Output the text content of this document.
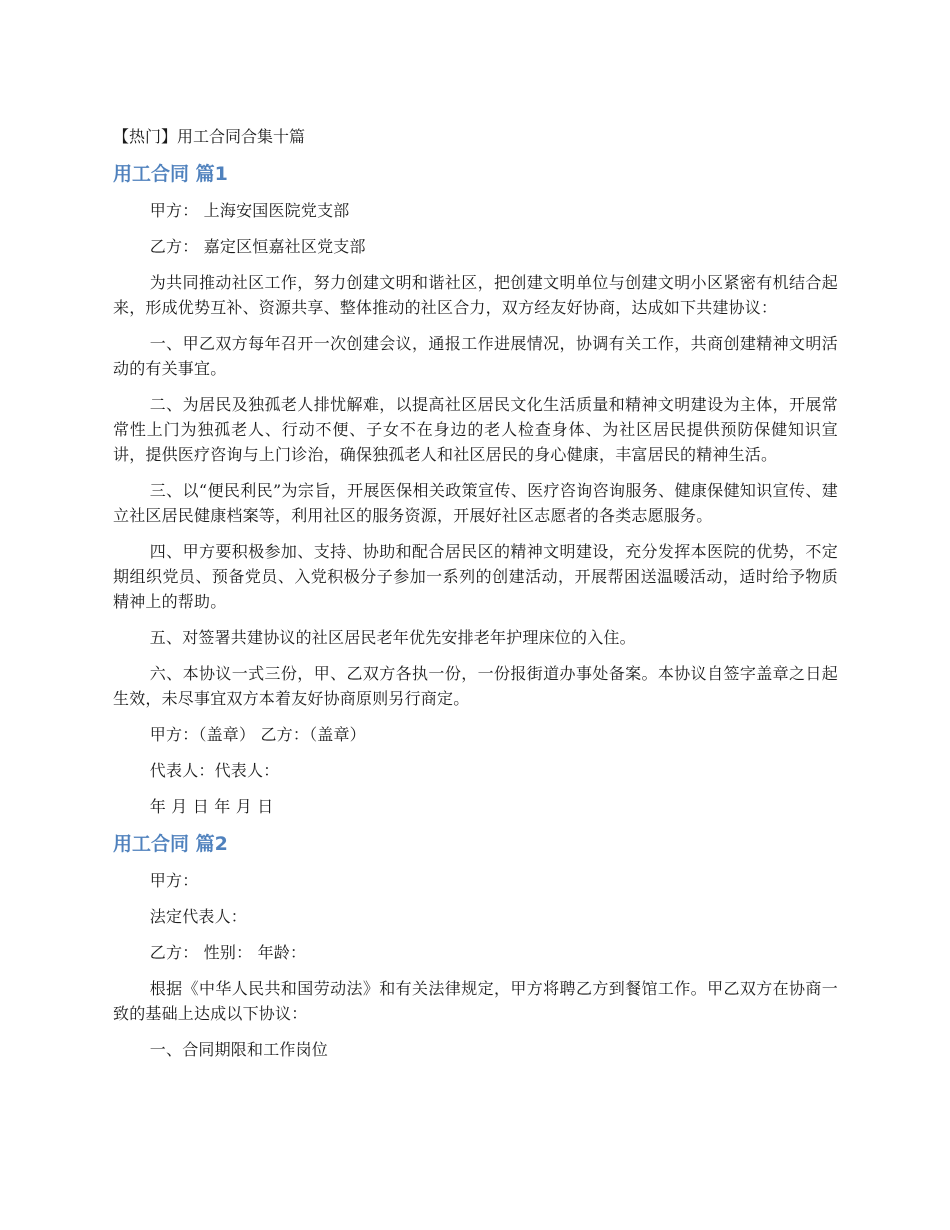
【热门】用工合同合集十篇
用工合同 篇1

甲方： 上海安国医院党支部

乙方： 嘉定区恒嘉社区党支部

为共同推动社区工作，努力创建文明和谐社区，把创建文明单位与创建文明小区紧密有机结合起来，形成优势互补、资源共享、整体推动的社区合力，双方经友好协商，达成如下共建协议：

一、甲乙双方每年召开一次创建会议，通报工作进展情况，协调有关工作，共商创建精神文明活动的有关事宜。

二、为居民及独孤老人排忧解难，以提高社区居民文化生活质量和精神文明建设为主体，开展常常性上门为独孤老人、行动不便、子女不在身边的老人检查身体、为社区居民提供预防保健知识宣讲，提供医疗咨询与上门诊治，确保独孤老人和社区居民的身心健康，丰富居民的精神生活。

三、以“便民利民”为宗旨，开展医保相关政策宣传、医疗咨询咨询服务、健康保健知识宣传、建立社区居民健康档案等，利用社区的服务资源，开展好社区志愿者的各类志愿服务。

四、甲方要积极参加、支持、协助和配合居民区的精神文明建设，充分发挥本医院的优势，不定期组织党员、预备党员、入党积极分子参加一系列的创建活动，开展帮困送温暖活动，适时给予物质精神上的帮助。

五、对签署共建协议的社区居民老年优先安排老年护理床位的入住。

六、本协议一式三份，甲、乙双方各执一份，一份报街道办事处备案。本协议自签字盖章之日起生效，未尽事宜双方本着友好协商原则另行商定。

甲方：（盖章） 乙方：（盖章）

代表人：代表人：

年 月 日 年 月 日

用工合同 篇2

甲方：

法定代表人：

乙方： 性别： 年龄：

根据《中华人民共和国劳动法》和有关法律规定，甲方将聘乙方到餐馆工作。甲乙双方在协商一致的基础上达成以下协议：

一、合同期限和工作岗位
